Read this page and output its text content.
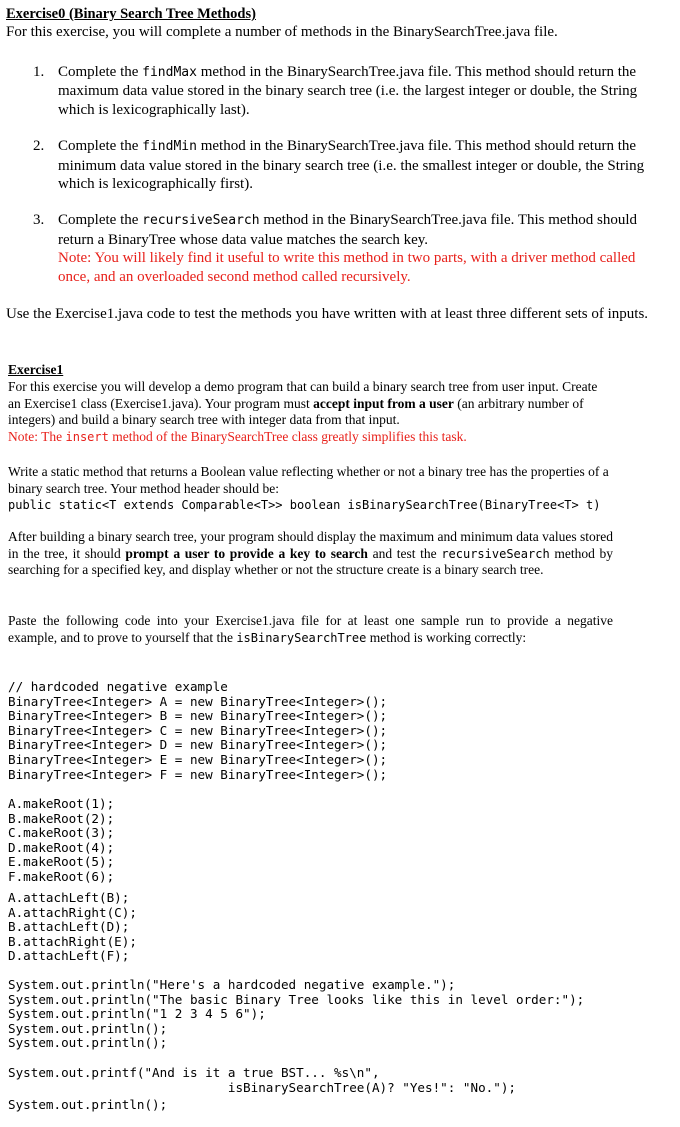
Exercise0 (Binary Search Tree Methods)
For this exercise, you will complete a number of methods in the BinarySearchTree.java file.
1. Complete the findMax method in the BinarySearchTree.java file. This method should return the maximum data value stored in the binary search tree (i.e. the largest integer or double, the String which is lexicographically last).
2. Complete the findMin method in the BinarySearchTree.java file. This method should return the minimum data value stored in the binary search tree (i.e. the smallest integer or double, the String which is lexicographically first).
3. Complete the recursiveSearch method in the BinarySearchTree.java file. This method should return a BinaryTree whose data value matches the search key.
Note: You will likely find it useful to write this method in two parts, with a driver method called once, and an overloaded second method called recursively.
Use the Exercise1.java code to test the methods you have written with at least three different sets of inputs.
Exercise1
For this exercise you will develop a demo program that can build a binary search tree from user input. Create an Exercise1 class (Exercise1.java). Your program must accept input from a user (an arbitrary number of integers) and build a binary search tree with integer data from that input.
Note: The insert method of the BinarySearchTree class greatly simplifies this task.
Write a static method that returns a Boolean value reflecting whether or not a binary tree has the properties of a binary search tree. Your method header should be:
public static<T extends Comparable<T>> boolean isBinarySearchTree(BinaryTree<T> t)
After building a binary search tree, your program should display the maximum and minimum data values stored in the tree, it should prompt a user to provide a key to search and test the recursiveSearch method by searching for a specified key, and display whether or not the structure create is a binary search tree.
Paste the following code into your Exercise1.java file for at least one sample run to provide a negative example, and to prove to yourself that the isBinarySearchTree method is working correctly:
// hardcoded negative example
BinaryTree<Integer> A = new BinaryTree<Integer>();
BinaryTree<Integer> B = new BinaryTree<Integer>();
BinaryTree<Integer> C = new BinaryTree<Integer>();
BinaryTree<Integer> D = new BinaryTree<Integer>();
BinaryTree<Integer> E = new BinaryTree<Integer>();
BinaryTree<Integer> F = new BinaryTree<Integer>();
A.makeRoot(1);
B.makeRoot(2);
C.makeRoot(3);
D.makeRoot(4);
E.makeRoot(5);
F.makeRoot(6);
A.attachLeft(B);
A.attachRight(C);
B.attachLeft(D);
B.attachRight(E);
D.attachLeft(F);
System.out.println("Here's a hardcoded negative example.");
System.out.println("The basic Binary Tree looks like this in level order:");
System.out.println("1 2 3 4 5 6");
System.out.println();
System.out.println();
System.out.printf("And is it a true BST... %s\n",
isBinarySearchTree(A)? "Yes!": "No.");
System.out.println();
